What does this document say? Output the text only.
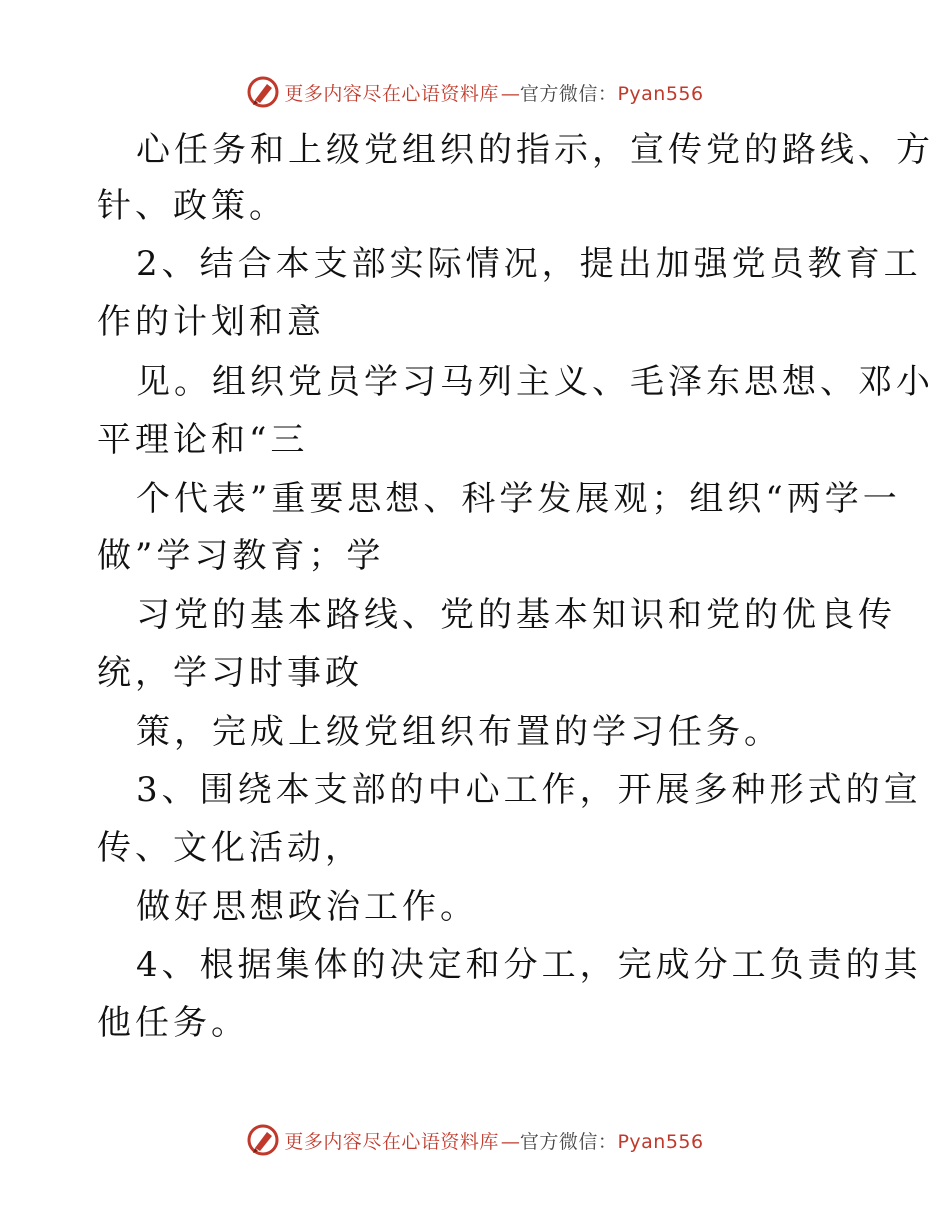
更多内容尽在心语资料库 — 官方微信：Pyan556
心任务和上级党组织的指示，宣传党的路线、方
针、政策。
2、结合本支部实际情况，提出加强党员教育工
作的计划和意
见。组织党员学习马列主义、毛泽东思想、邓小
平理论和“三
个代表”重要思想、科学发展观；组织“两学一
做”学习教育；学
习党的基本路线、党的基本知识和党的优良传
统，学习时事政
策，完成上级党组织布置的学习任务。
3、围绕本支部的中心工作，开展多种形式的宣
传、文化活动，
做好思想政治工作。
4、根据集体的决定和分工，完成分工负责的其
他任务。
更多内容尽在心语资料库 — 官方微信：Pyan556
